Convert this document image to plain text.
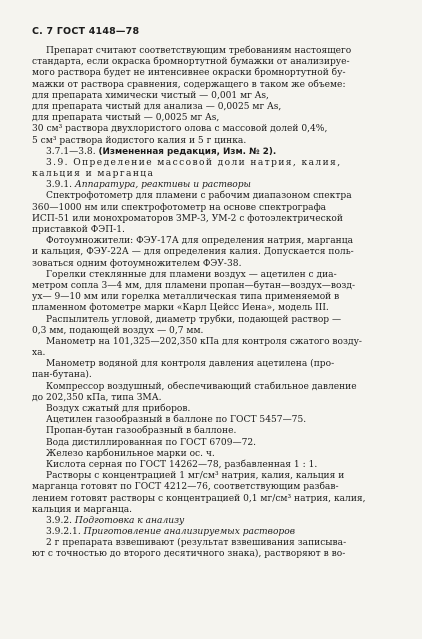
С. 7 ГОСТ 4148—78

Препарат считают соответствующим требованиям настоящего

стандарта, если окраска бромнортутной бумажки от анализируе-

мого раствора будет не интенсивнее окраски бромнортутной бу-

мажки от раствора сравнения, содержащего в таком же объеме:

для препарата химически чистый — 0,001 мг As,

для препарата чистый для анализа — 0,0025 мг As,

для препарата чистый — 0,0025 мг As,

30 см³ раствора двухлористого олова с массовой долей 0,4%,

5 см³ раствора йодистого калия и 5 г цинка.

3.7.1—3.8. (Измененная редакция, Изм. № 2).

3.9. Определение массовой доли натрия, калия,

кальция и марганца

3.9.1. Аппаратура, реактивы и растворы

Спектрофотометр для пламени с рабочим диапазоном спектра

360—1000 нм или спектрофотометр на основе спектрографа

ИСП-51 или монохроматоров ЗМР-3, УМ-2 с фотоэлектрической

приставкой ФЭП-1.

Фотоумножители: ФЭУ-17А для определения натрия, марганца

и кальция, ФЭУ-22А — для определения калия. Допускается поль-

зоваться одним фотоумножителем ФЭУ-38.

Горелки стеклянные для пламени воздух — ацетилен с диа-

метром сопла 3—4 мм, для пламени пропан—бутан—воздух—возд-

ух— 9—10 мм или горелка металлическая типа применяемой в

пламенном фотометре марки «Карл Цейсс Иена», модель III.

Распылитель угловой, диаметр трубки, подающей раствор —

0,3 мм, подающей воздух — 0,7 мм.

Манометр на 101,325—202,350 кПа для контроля сжатого возду-

ха.

Манометр водяной для контроля давления ацетилена (про-

пан-бутана).

Компрессор воздушный, обеспечивающий стабильное давление

до 202,350 кПа, типа ЗМА.

Воздух сжатый для приборов.

Ацетилен газообразный в баллоне по ГОСТ 5457—75.

Пропан-бутан газообразный в баллоне.

Вода дистиллированная по ГОСТ 6709—72.

Железо карбонильное марки ос. ч.

Кислота серная по ГОСТ 14262—78, разбавленная 1 : 1.

Растворы с концентрацией 1 мг/см³ натрия, калия, кальция и

марганца готовят по ГОСТ 4212—76, соответствующим разбав-

лением готовят растворы с концентрацией 0,1 мг/см³ натрия, калия,

кальция и марганца.

3.9.2. Подготовка к анализу

3.9.2.1. Приготовление анализируемых растворов

2 г препарата взвешивают (результат взвешивания записыва-

ют с точностью до второго десятичного знака), растворяют в во-
